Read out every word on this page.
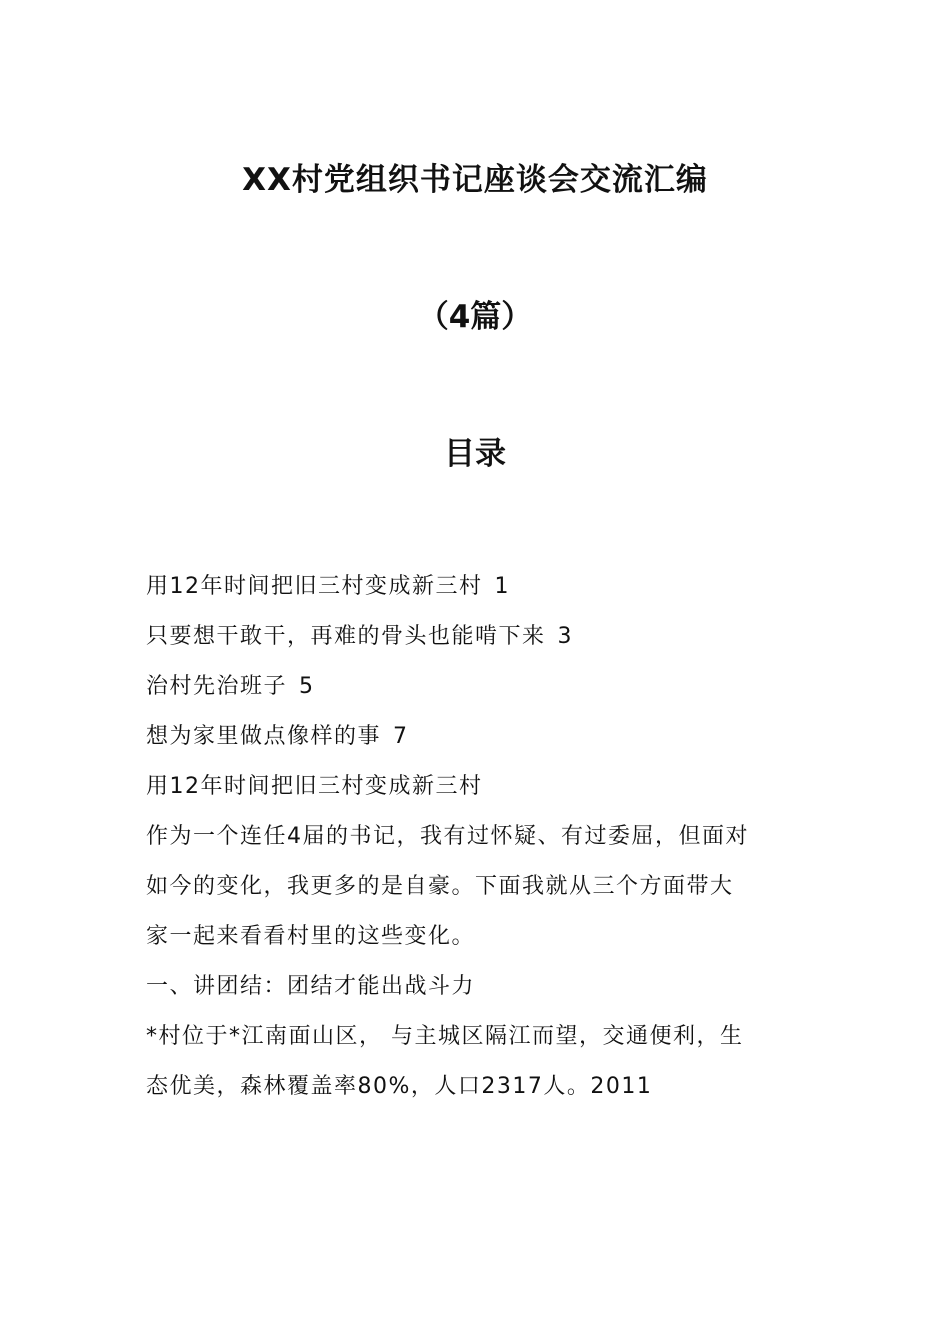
XX村党组织书记座谈会交流汇编
（4篇）
目录
用12年时间把旧三村变成新三村 1
只要想干敢干，再难的骨头也能啃下来 3
治村先治班子 5
想为家里做点像样的事 7
用12年时间把旧三村变成新三村
作为一个连任4届的书记，我有过怀疑、有过委屈，但面对
如今的变化，我更多的是自豪。下面我就从三个方面带大
家一起来看看村里的这些变化。
一、讲团结：团结才能出战斗力
*村位于*江南面山区， 与主城区隔江而望，交通便利，生
态优美，森林覆盖率80%，人口2317人。2011
